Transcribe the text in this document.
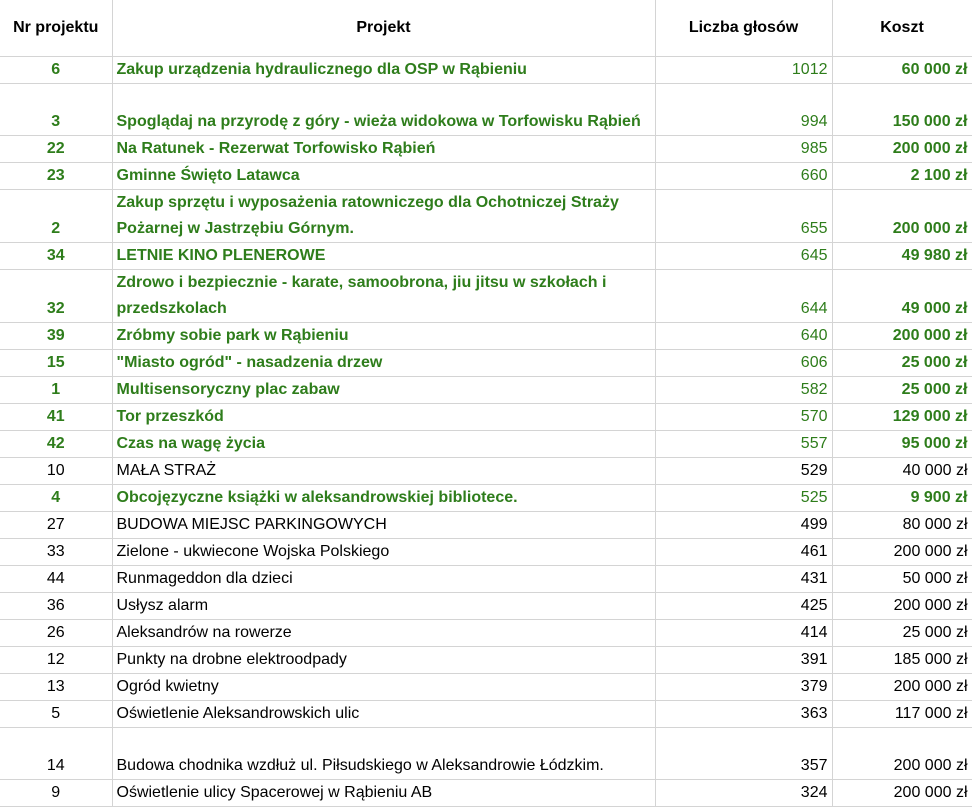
Nr projektu	Projekt	Liczba głosów	Koszt
6	Zakup urządzenia hydraulicznego dla OSP w Rąbieniu	1012	60 000 zł
3	Spoglądaj na przyrodę z góry - wieża widokowa w Torfowisku Rąbień	994	150 000 zł
22	Na Ratunek - Rezerwat Torfowisko Rąbień	985	200 000 zł
23	Gminne Święto Latawca	660	2 100 zł
2	Zakup sprzętu i wyposażenia ratowniczego dla Ochotniczej Straży Pożarnej w Jastrzębiu Górnym.	655	200 000 zł
34	LETNIE KINO PLENEROWE	645	49 980 zł
32	Zdrowo i bezpiecznie - karate, samoobrona, jiu jitsu w szkołach i przedszkolach	644	49 000 zł
39	Zróbmy sobie park w Rąbieniu	640	200 000 zł
15	"Miasto ogród" - nasadzenia drzew	606	25 000 zł
1	Multisensoryczny plac zabaw	582	25 000 zł
41	Tor przeszkód	570	129 000 zł
42	Czas na wagę życia	557	95 000 zł
10	MAŁA STRAŻ	529	40 000 zł
4	Obcojęzyczne książki w aleksandrowskiej bibliotece.	525	9 900 zł
27	BUDOWA MIEJSC PARKINGOWYCH	499	80 000 zł
33	Zielone - ukwiecone Wojska Polskiego	461	200 000 zł
44	Runmageddon dla dzieci	431	50 000 zł
36	Usłysz alarm	425	200 000 zł
26	Aleksandrów na rowerze	414	25 000 zł
12	Punkty na drobne elektroodpady	391	185 000 zł
13	Ogród kwietny	379	200 000 zł
5	Oświetlenie Aleksandrowskich ulic	363	117 000 zł
14	Budowa chodnika wzdłuż ul. Piłsudskiego w Aleksandrowie Łódzkim.	357	200 000 zł
9	Oświetlenie ulicy Spacerowej w Rąbieniu AB	324	200 000 zł
